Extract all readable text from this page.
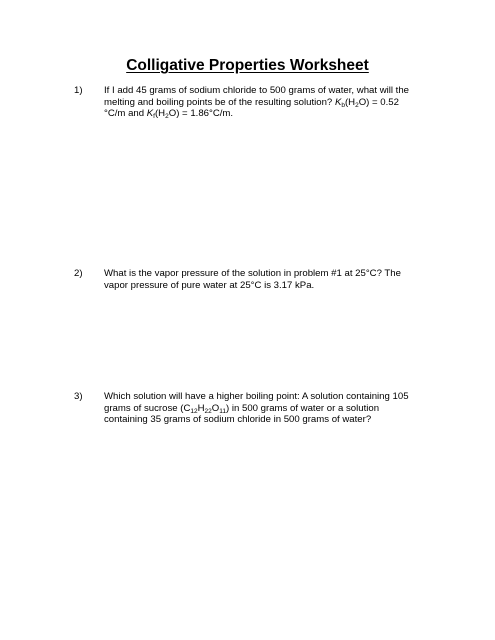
Colligative Properties Worksheet
1) If I add 45 grams of sodium chloride to 500 grams of water, what will the
melting and boiling points be of the resulting solution? $K_b(H_2O) = 0.52$
°C/m and $K_f(H_2O) = 1.86^\circ C/m$.
2) What is the vapor pressure of the solution in problem #1 at 25°C? The
vapor pressure of pure water at 25°C is 3.17 kPa.
3) Which solution will have a higher boiling point: A solution containing 105
grams of sucrose $(C_{12}H_{22}O_{11})$ in 500 grams of water or a solution
containing 35 grams of sodium chloride in 500 grams of water?
